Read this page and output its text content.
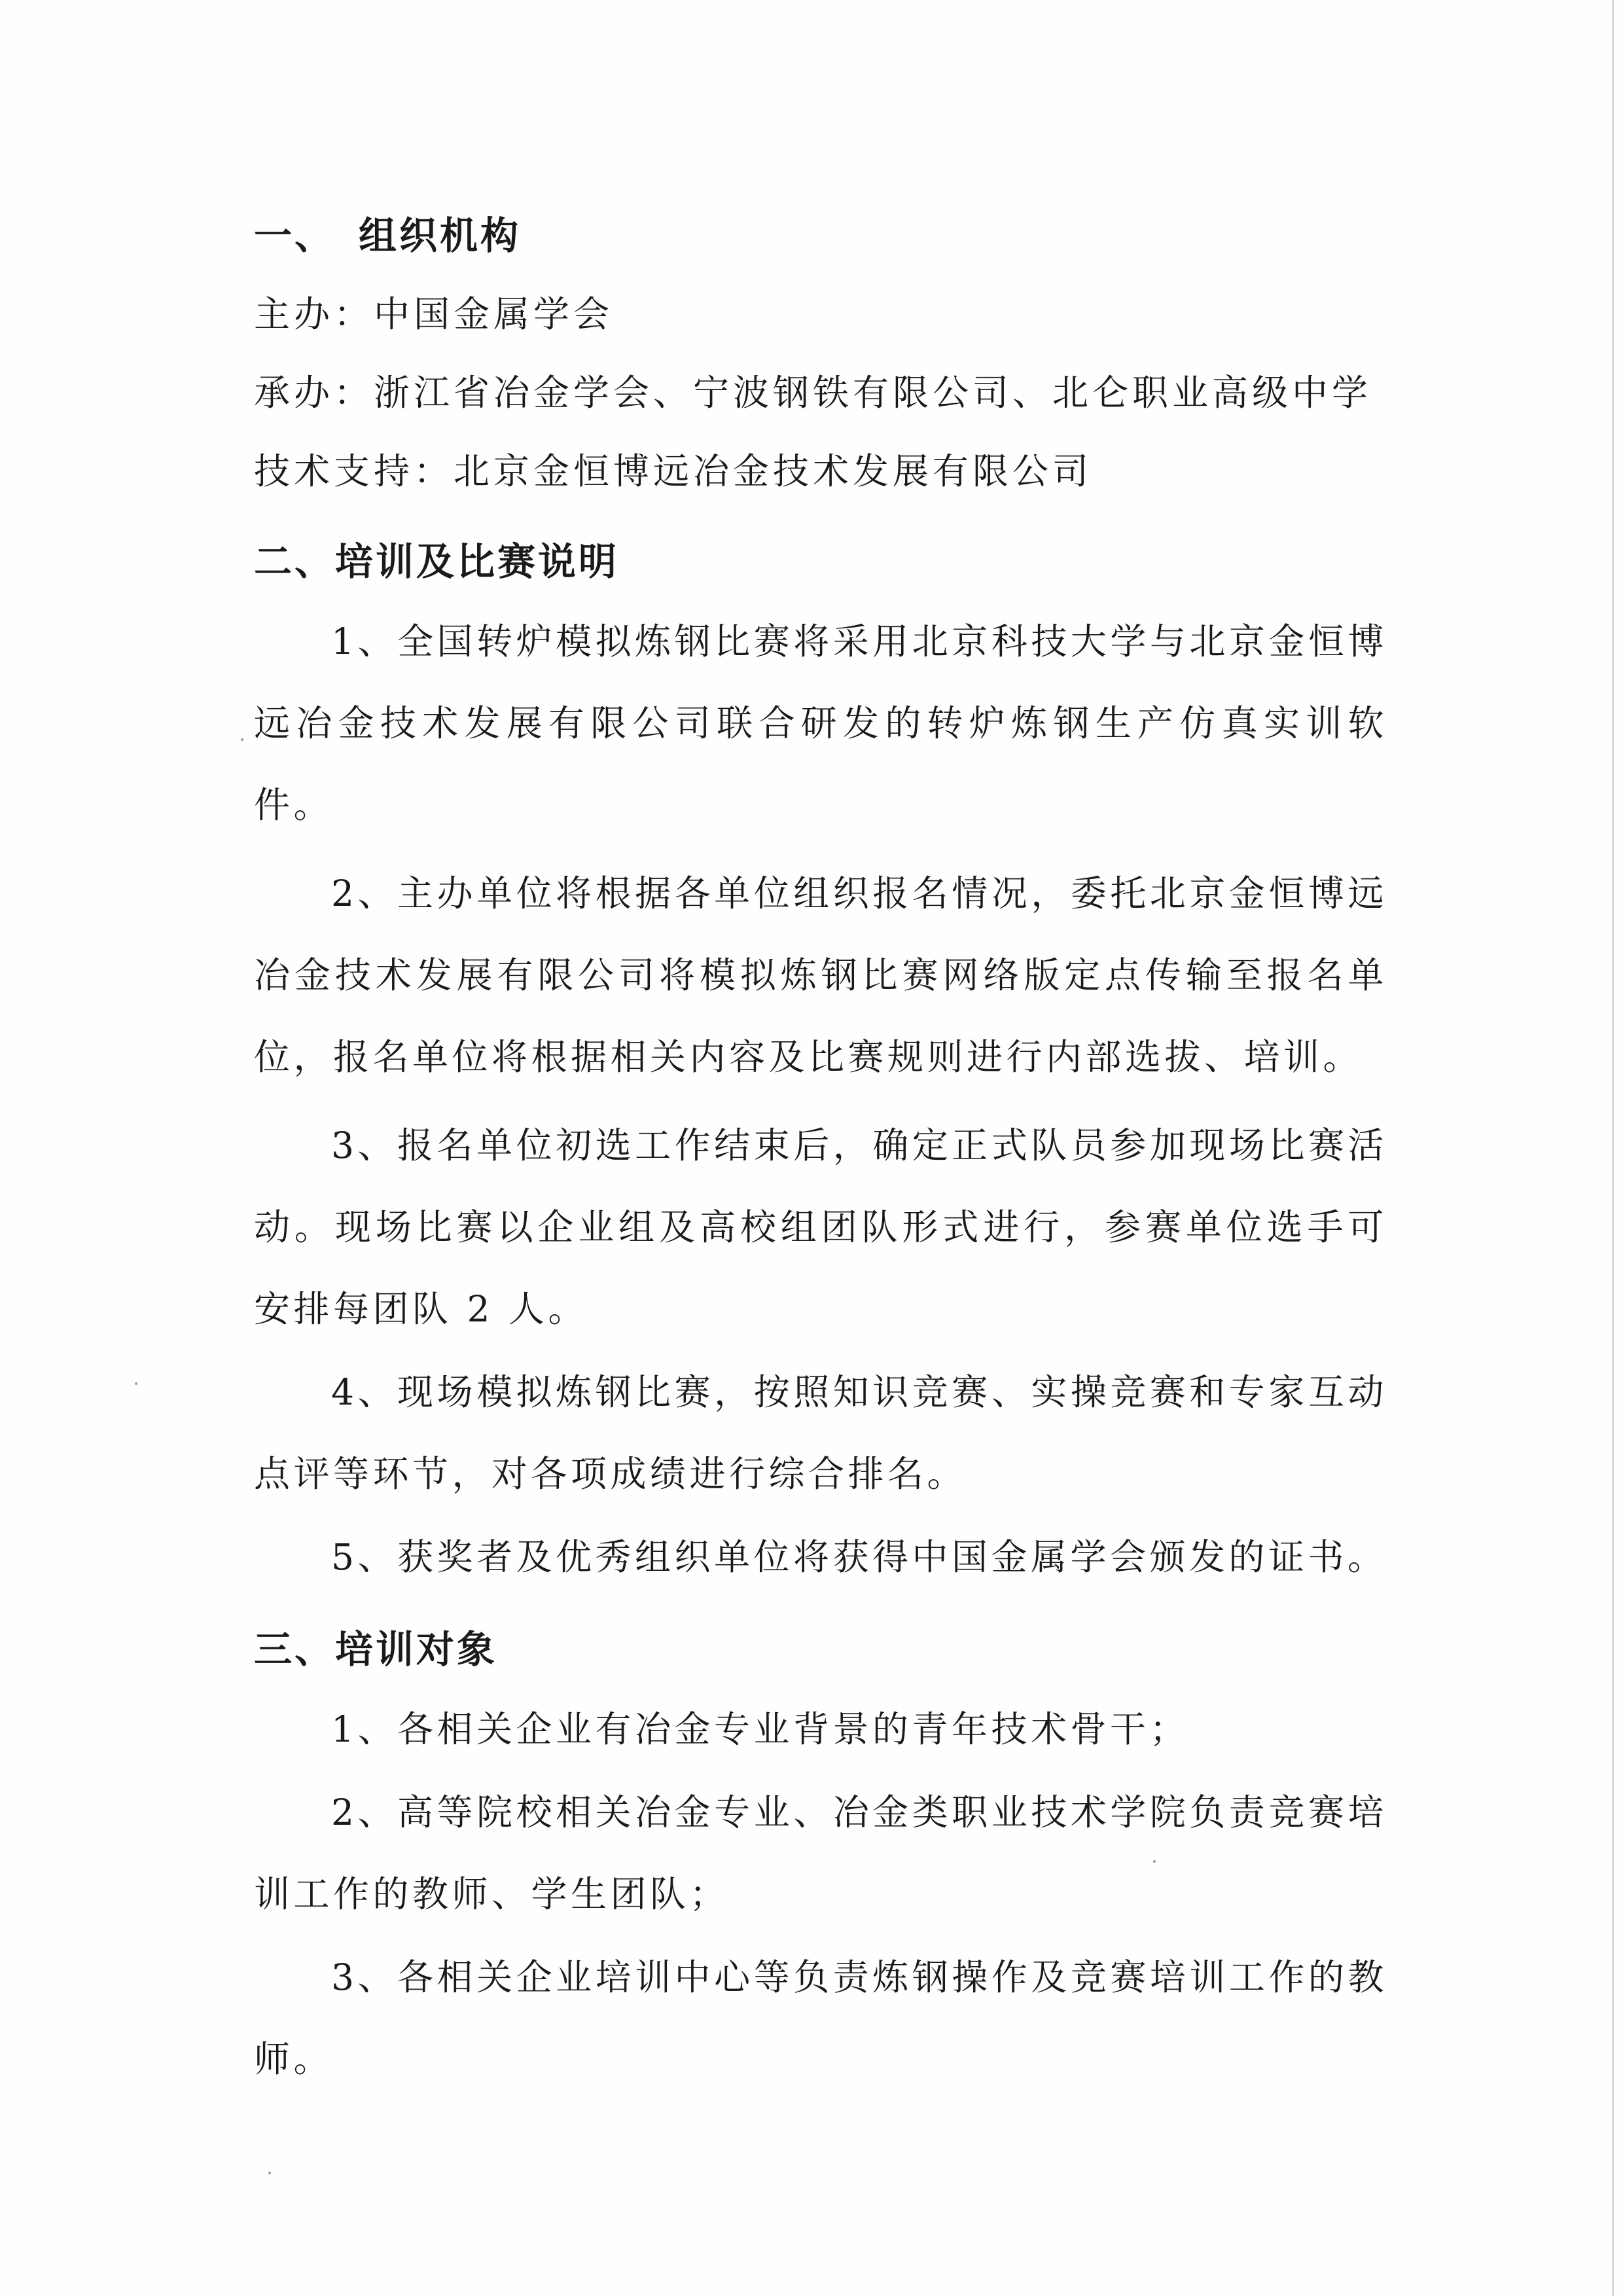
一、 组织机构
主办：中国金属学会
承办：浙江省冶金学会、宁波钢铁有限公司、北仑职业高级中学
技术支持：北京金恒博远冶金技术发展有限公司
二、培训及比赛说明
1、全国转炉模拟炼钢比赛将采用北京科技大学与北京金恒博远冶金技术发展有限公司联合研发的转炉炼钢生产仿真实训软件。
2、主办单位将根据各单位组织报名情况，委托北京金恒博远冶金技术发展有限公司将模拟炼钢比赛网络版定点传输至报名单位，报名单位将根据相关内容及比赛规则进行内部选拔、培训。
3、报名单位初选工作结束后，确定正式队员参加现场比赛活动。现场比赛以企业组及高校组团队形式进行，参赛单位选手可安排每团队 2 人。
4、现场模拟炼钢比赛，按照知识竞赛、实操竞赛和专家互动点评等环节，对各项成绩进行综合排名。
5、获奖者及优秀组织单位将获得中国金属学会颁发的证书。
三、培训对象
1、各相关企业有冶金专业背景的青年技术骨干；
2、高等院校相关冶金专业、冶金类职业技术学院负责竞赛培训工作的教师、学生团队；
3、各相关企业培训中心等负责炼钢操作及竞赛培训工作的教师。
